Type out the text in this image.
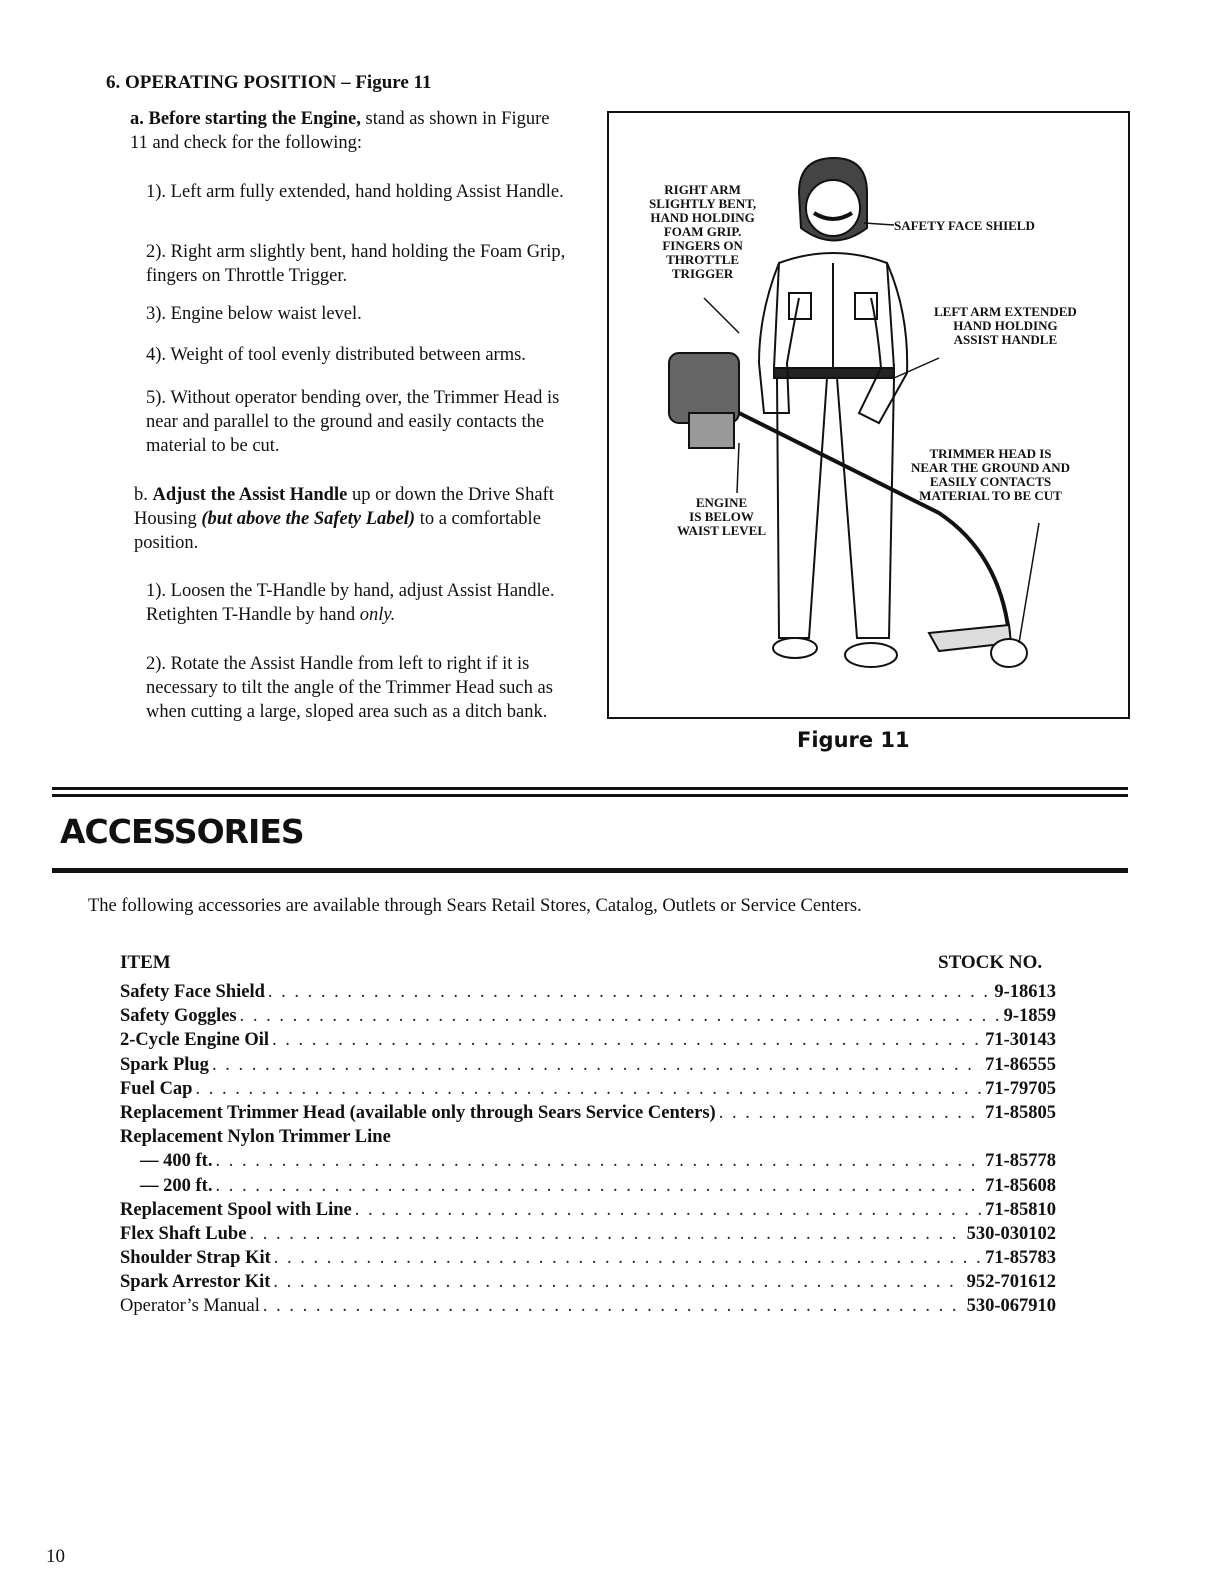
6. OPERATING POSITION – Figure 11
a. Before starting the Engine, stand as shown in Figure 11 and check for the following:
1). Left arm fully extended, hand holding Assist Handle.
2). Right arm slightly bent, hand holding the Foam Grip, fingers on Throttle Trigger.
3). Engine below waist level.
4). Weight of tool evenly distributed between arms.
5). Without operator bending over, the Trimmer Head is near and parallel to the ground and easily contacts the material to be cut.
b. Adjust the Assist Handle up or down the Drive Shaft Housing (but above the Safety Label) to a comfortable position.
1). Loosen the T-Handle by hand, adjust Assist Handle. Retighten T-Handle by hand only.
2). Rotate the Assist Handle from left to right if it is necessary to tilt the angle of the Trimmer Head such as when cutting a large, sloped area such as a ditch bank.
RIGHT ARM
SLIGHTLY BENT,
HAND HOLDING
FOAM GRIP.
FINGERS ON
THROTTLE
TRIGGER
SAFETY FACE SHIELD
LEFT ARM EXTENDED
HAND HOLDING
ASSIST HANDLE
TRIMMER HEAD IS
NEAR THE GROUND AND
EASILY CONTACTS
MATERIAL TO BE CUT
ENGINE
IS BELOW
WAIST LEVEL
Figure 11
ACCESSORIES
The following accessories are available through Sears Retail Stores, Catalog, Outlets or Service Centers.
ITEM	STOCK NO.
Safety Face Shield . . .	9-18613
Safety Goggles . . .	9-1859
2-Cycle Engine Oil . . .	71-30143
Spark Plug . . .	71-86555
Fuel Cap . . .	71-79705
Replacement Trimmer Head (available only through Sears Service Centers) . . .	71-85805
Replacement Nylon Trimmer Line
— 400 ft. . . .	71-85778
— 200 ft. . . .	71-85608
Replacement Spool with Line . . .	71-85810
Flex Shaft Lube . . .	530-030102
Shoulder Strap Kit . . .	71-85783
Spark Arrestor Kit . . .	952-701612
Operator’s Manual . . .	530-067910
10
